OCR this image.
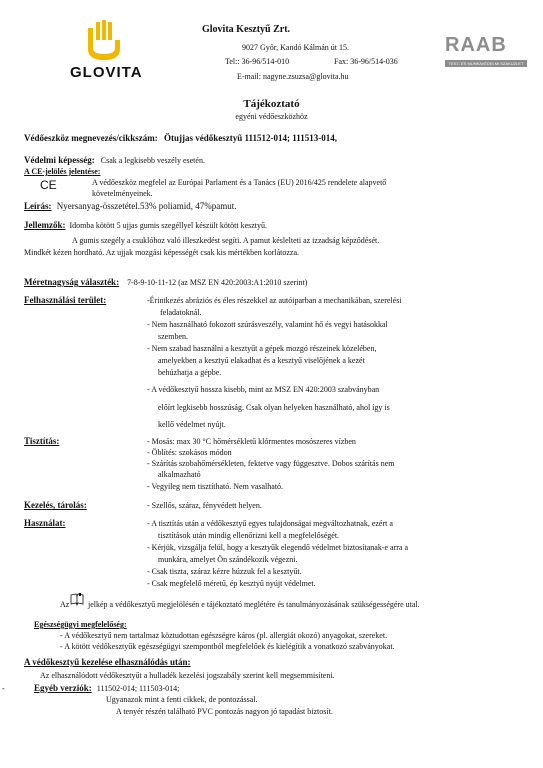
GLOVITA
Glovita Kesztyű Zrt.
9027 Győr, Kandó Kálmán út 15.
Tel:: 36-96/514-010	Fax: 36-96/514-036
E-mail: nagyne.zsuzsa@glovita.hu
RAAB
TEST- ÉS MUNKAVÉDELMI SZAKÜZLET
Tájékoztató
egyéni védőeszközhöz
Védőeszköz megnevezés/cikkszám: Ötujjas védőkesztyű 111512-014; 111513-014,
Védelmi képesség: Csak a legkisebb veszély esetén.
A CE-jelölés jelentése:
CE	A védőeszköz megfelel az Európai Parlament és a Tanács (EU) 2016/425 rendelete alapvető
követelményeinek.
Leírás: Nyersanyag-összetétel.53% poliamid, 47%pamut.
Jellemzők: Idomba kötött 5 ujjas gumis szegéllyel készült kötött kesztyű.
A gumis szegély a csuklóhoz való illeszkedést segíti. A pamut késlelteti az izzadság képződését.
Mindkét kézen hordható. Az ujjak mozgási képességét csak kis mértékben korlátozza.
Méretnagyság választék: 7-8-9-10-11-12 (az MSZ EN 420:2003:A1:2010 szerint)
Felhasználási terület:	-Érintkezés abráziós és éles részekkel az autóiparban a mechanikában, szerelési
feladatoknál.
- Nem használható fokozott szúrásveszély, valamint hő és vegyi hatásokkal
szemben.
- Nem szabad használni a kesztyűt a gépek mozgó részeinek közelében,
amelyekben a kesztyű elakadhat és a kesztyű viselőjének a kezét
behúzhatja a gépbe.
- A védőkesztyű hossza kisebb, mint az MSZ EN 420:2003 szabványban
előírt legkisebb hosszúság. Csak olyan helyeken használható, ahol így is
kellő védelmet nyújt.
Tisztítás:	- Mosás: max 30 °C hőmérsékletű klórmentes mosószeres vízben
- Öblítés: szokásos módon
- Szárítás szobahőmérsékleten, fektetve vagy függesztve. Dobos szárítás nem
alkalmazható
- Vegyileg nem tisztítható. Nem vasalható.
Kezelés, tárolás:	- Szellős, száraz, fényvédett helyen.
Használat:	- A tisztítás után a védőkesztyű egyes tulajdonságai megváltozhatnak, ezért a
tisztítások után mindig ellenőrizni kell a megfelelőségét.
- Kérjük, vizsgálja felül, hogy a kesztyűk elegendő védelmet biztosítanak-e arra a
munkára, amelyet Ön szándékozik végezni.
- Csak tiszta, száraz kézre húzzuk fel a kesztyűt.
- Csak megfelelő méretű, ép kesztyű nyújt védelmet.
Az jelkép a védőkesztyű megjelölésén e tájékoztató meglétére és tanulmányozásának szükségességére utal.
Egészségügyi megfelelőség:
- A védőkesztyű nem tartalmaz köztudottan egészségre káros (pl. allergiát okozó) anyagokat, szereket.
- A kötött védőkesztyűk egészségügyi szempontból megfelelőek és kielégítik a vonatkozó szabványokat.
A védőkesztyű kezelése elhasználódás után:
Az elhasználódott védőkesztyűt a hulladék kezelési jogszabály szerint kell megsemmisíteni.
-	Egyéb verziók: 111502-014; 111503-014;
Ugyanazok mint a fenti cikkek, de pontozással.
A tenyér részén található PVC pontozás nagyon jó tapadást biztosít.
